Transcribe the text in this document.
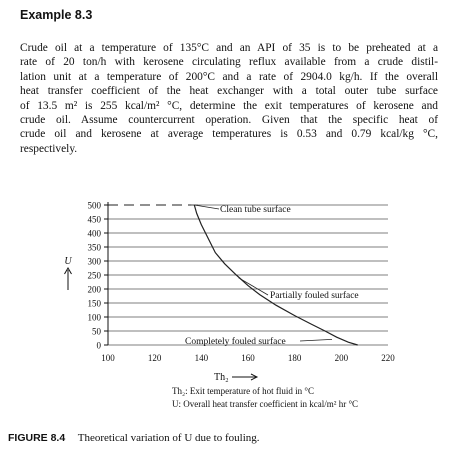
Example 8.3
Crude oil at a temperature of 135°C and an API of 35 is to be preheated at a
rate of 20 ton/h with kerosene circulating reflux available from a crude distil-
lation unit at a temperature of 200°C and a rate of 2904.0 kg/h. If the overall
heat transfer coefficient of the heat exchanger with a total outer tube surface
of 13.5 m² is 255 kcal/m² °C, determine the exit temperatures of kerosene and
crude oil. Assume countercurrent operation. Given that the specific heat of
crude oil and kerosene at average temperatures is 0.53 and 0.79 kcal/kg °C,
respectively.
0
50
100
150
200
250
300
350
400
450
500
100	120	140	160	180	200	220
Clean tube surface
Partially fouled surface
Completely fouled surface
U
Th₂
Th₂: Exit temperature of hot fluid in °C
U: Overall heat transfer coefficient in kcal/m² hr °C
FIGURE 8.4 Theoretical variation of U due to fouling.
